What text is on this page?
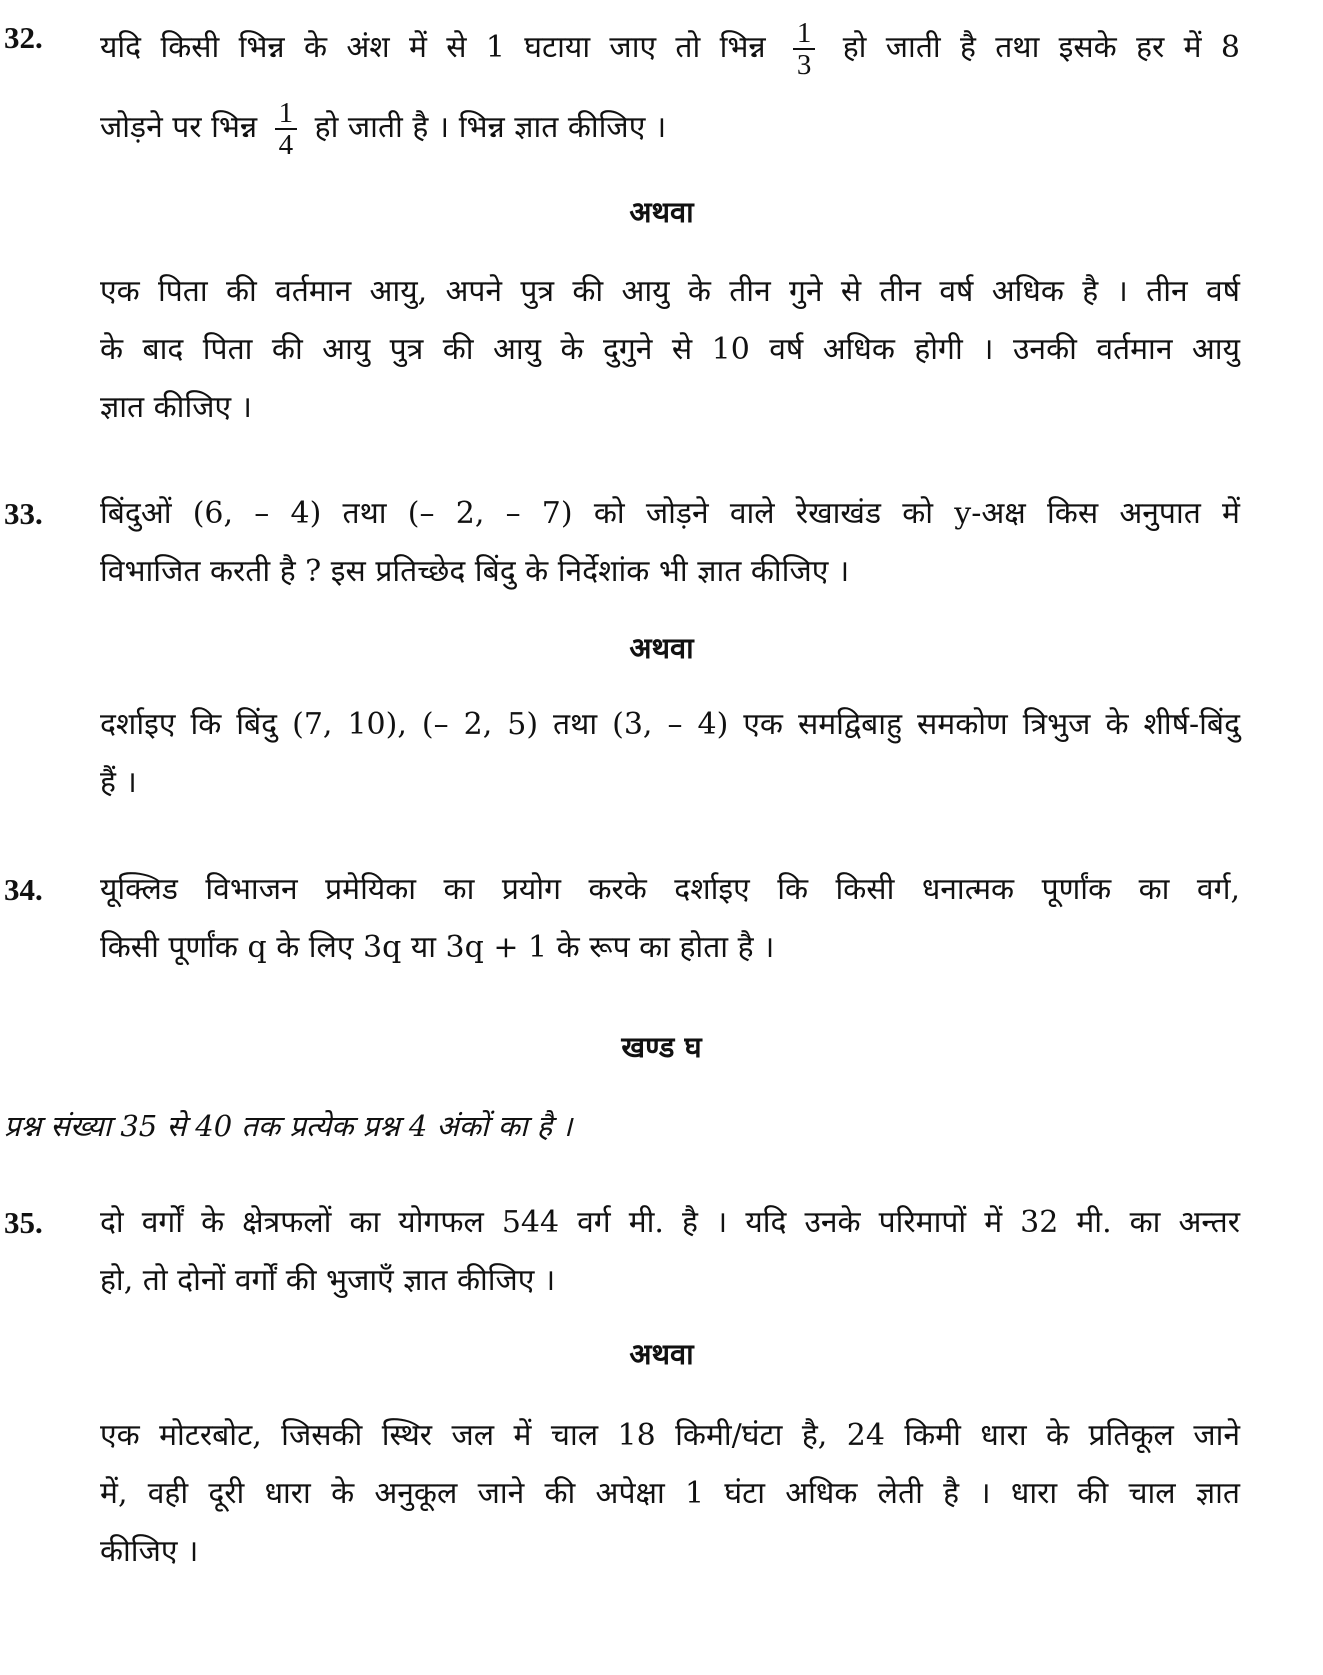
32.	यदि किसी भिन्न के अंश में से 1 घटाया जाए तो भिन्न $\frac{1}{3}$ हो जाती है तथा इसके हर में 8
जोड़ने पर भिन्न $\frac{1}{4}$ हो जाती है । भिन्न ज्ञात कीजिए ।
अथवा
एक पिता की वर्तमान आयु, अपने पुत्र की आयु के तीन गुने से तीन वर्ष अधिक है । तीन वर्ष
के बाद पिता की आयु पुत्र की आयु के दुगुने से 10 वर्ष अधिक होगी । उनकी वर्तमान आयु
ज्ञात कीजिए ।
33.	बिंदुओं (6, – 4) तथा (– 2, – 7) को जोड़ने वाले रेखाखंड को y-अक्ष किस अनुपात में
विभाजित करती है ? इस प्रतिच्छेद बिंदु के निर्देशांक भी ज्ञात कीजिए ।
अथवा
दर्शाइए कि बिंदु (7, 10), (– 2, 5) तथा (3, – 4) एक समद्विबाहु समकोण त्रिभुज के शीर्ष-बिंदु
हैं ।
34.	यूक्लिड विभाजन प्रमेयिका का प्रयोग करके दर्शाइए कि किसी धनात्मक पूर्णांक का वर्ग,
किसी पूर्णांक q के लिए 3q या 3q + 1 के रूप का होता है ।
खण्ड घ
प्रश्न संख्या 35 से 40 तक प्रत्येक प्रश्न 4 अंकों का है ।
35.	दो वर्गों के क्षेत्रफलों का योगफल 544 वर्ग मी. है । यदि उनके परिमापों में 32 मी. का अन्तर
हो, तो दोनों वर्गों की भुजाएँ ज्ञात कीजिए ।
अथवा
एक मोटरबोट, जिसकी स्थिर जल में चाल 18 किमी/घंटा है, 24 किमी धारा के प्रतिकूल जाने
में, वही दूरी धारा के अनुकूल जाने की अपेक्षा 1 घंटा अधिक लेती है । धारा की चाल ज्ञात
कीजिए ।
